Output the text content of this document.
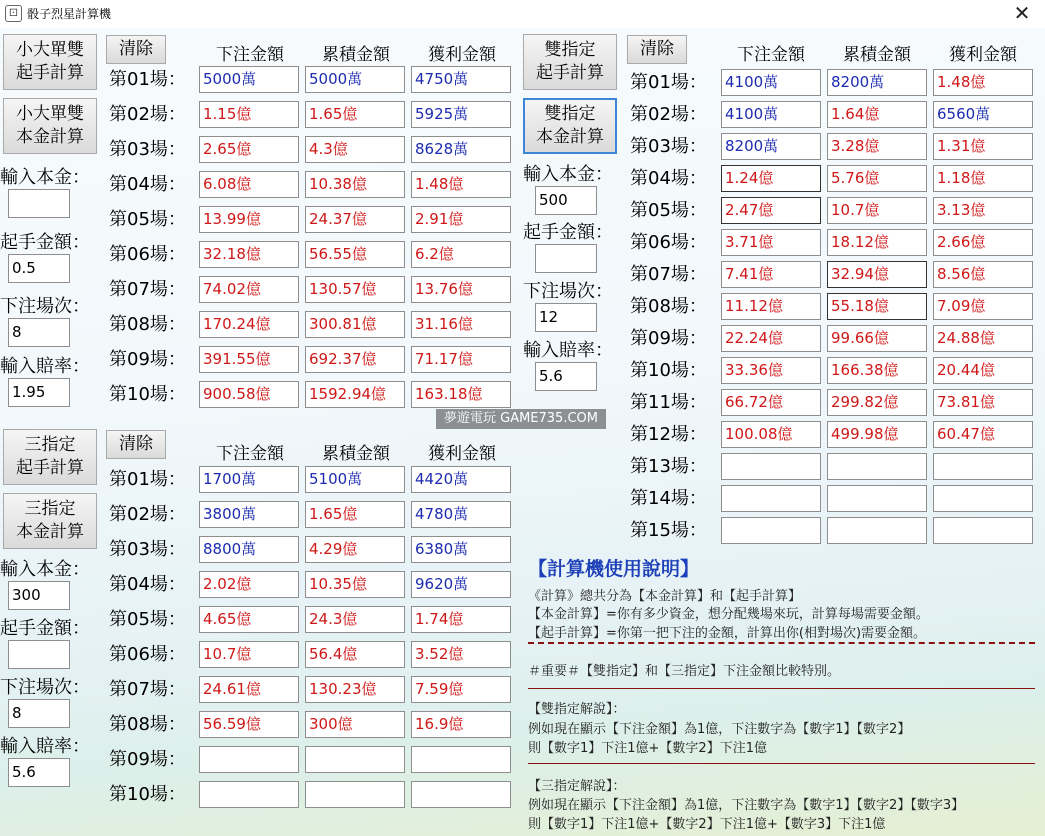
⚀ 骰子烈星計算機	✕
小大單雙
起手計算
小大單雙
本金計算
輸入本金：
起手金額：
0.5
下注場次：
8
輸入賠率：
1.95
清除	下注金額	累積金額	獲利金額
第01場： 5000萬	5000萬	4750萬
第02場： 1.15億	1.65億	5925萬
第03場： 2.65億	4.3億	8628萬
第04場： 6.08億	10.38億	1.48億
第05場： 13.99億	24.37億	2.91億
第06場： 32.18億	56.55億	6.2億
第07場： 74.02億	130.57億	13.76億
第08場： 170.24億	300.81億	31.16億
第09場： 391.55億	692.37億	71.17億
第10場： 900.58億	1592.94億	163.18億
夢遊電玩 GAME735.COM
三指定
起手計算
三指定
本金計算
輸入本金：
300
起手金額：
下注場次：
8
輸入賠率：
5.6
清除	下注金額	累積金額	獲利金額
第01場： 1700萬	5100萬	4420萬
第02場： 3800萬	1.65億	4780萬
第03場： 8800萬	4.29億	6380萬
第04場： 2.02億	10.35億	9620萬
第05場： 4.65億	24.3億	1.74億
第06場： 10.7億	56.4億	3.52億
第07場： 24.61億	130.23億	7.59億
第08場： 56.59億	300億	16.9億
第09場：
第10場：
雙指定
起手計算
雙指定
本金計算
輸入本金：
500
起手金額：
下注場次：
12
輸入賠率：
5.6
清除	下注金額	累積金額	獲利金額
第01場： 4100萬	8200萬	1.48億
第02場： 4100萬	1.64億	6560萬
第03場： 8200萬	3.28億	1.31億
第04場： 1.24億	5.76億	1.18億
第05場： 2.47億	10.7億	3.13億
第06場： 3.71億	18.12億	2.66億
第07場： 7.41億	32.94億	8.56億
第08場： 11.12億	55.18億	7.09億
第09場： 22.24億	99.66億	24.88億
第10場： 33.36億	166.38億	20.44億
第11場： 66.72億	299.82億	73.81億
第12場： 100.08億	499.98億	60.47億
第13場：
第14場：
第15場：
【計算機使用說明】
《計算》總共分為【本金計算】和【起手計算】
【本金計算】=你有多少資金，想分配幾場來玩，計算每場需要金額。
【起手計算】=你第一把下注的金額，計算出你(相對場次)需要金額。
＃重要＃【雙指定】和【三指定】下注金額比較特別。
【雙指定解說】：
例如現在顯示【下注金額】為1億，下注數字為【數字1】【數字2】
則【數字1】下注1億+【數字2】下注1億
【三指定解說】：
例如現在顯示【下注金額】為1億，下注數字為【數字1】【數字2】【數字3】
則【數字1】下注1億+【數字2】下注1億+【數字3】下注1億
